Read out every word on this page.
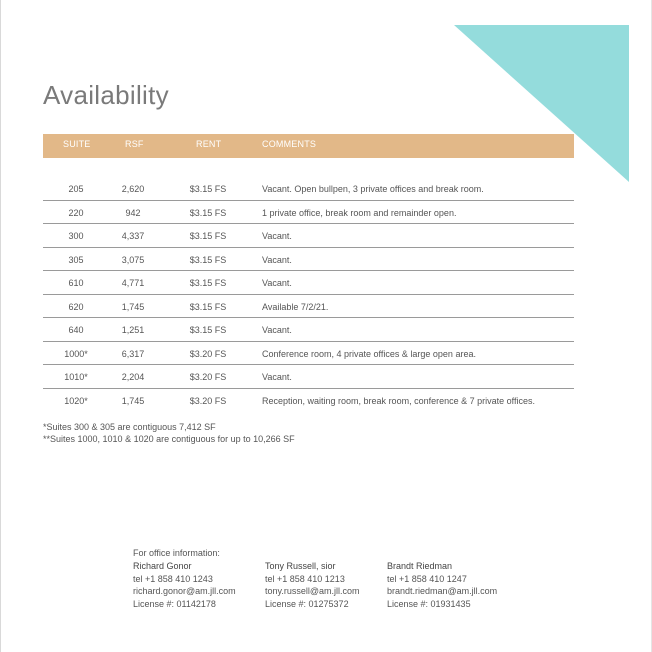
Availability
SUITE	RSF	RENT	COMMENTS
205	2,620	$3.15 FS	Vacant. Open bullpen, 3 private offices and break room.
220	942	$3.15 FS	1 private office, break room and remainder open.
300	4,337	$3.15 FS	Vacant.
305	3,075	$3.15 FS	Vacant.
610	4,771	$3.15 FS	Vacant.
620	1,745	$3.15 FS	Available 7/2/21.
640	1,251	$3.15 FS	Vacant.
1000*	6,317	$3.20 FS	Conference room, 4 private offices & large open area.
1010*	2,204	$3.20 FS	Vacant.
1020*	1,745	$3.20 FS	Reception, waiting room, break room, conference & 7 private offices.
*Suites 300 & 305 are contiguous 7,412 SF
**Suites 1000, 1010 & 1020 are contiguous for up to 10,266 SF
For office information:
Richard Gonor
tel +1 858 410 1243
richard.gonor@am.jll.com
License #: 01142178
Tony Russell, sior
tel +1 858 410 1213
tony.russell@am.jll.com
License #: 01275372
Brandt Riedman
tel +1 858 410 1247
brandt.riedman@am.jll.com
License #: 01931435
